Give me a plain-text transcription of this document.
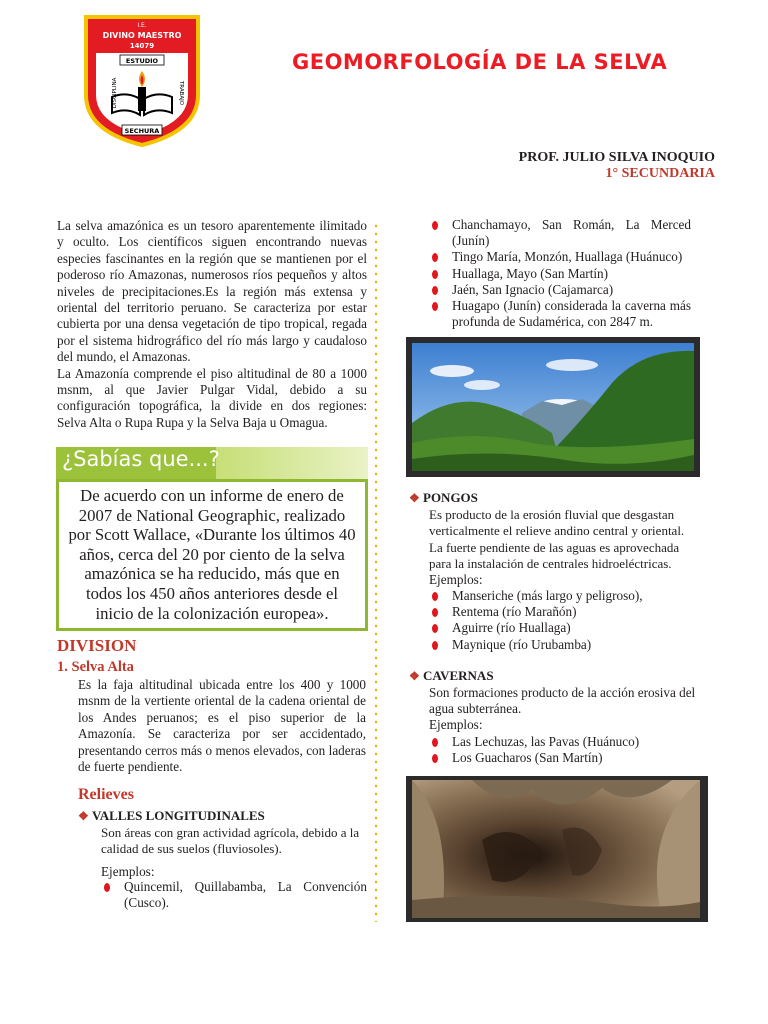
I.E.
DIVINO MAESTRO
14079
ESTUDIO
DISCIPLINA	TRABAJO
SECHURA
GEOMORFOLOGÍA DE LA SELVA
PROF. JULIO SILVA INOQUIO
1° SECUNDARIA

La selva amazónica es un tesoro aparentemente ilimitado y oculto. Los científicos siguen encontrando nuevas especies fascinantes en la región que se mantienen por el poderoso río Amazonas, numerosos ríos pequeños y altos niveles de precipitaciones.Es la región más extensa y oriental del territorio peruano. Se caracteriza por estar cubierta por una densa vegetación de tipo tropical, regada por el sistema hidrográfico del río más largo y caudaloso del mundo, el Amazonas.

La Amazonía comprende el piso altitudinal de 80 a 1000 msnm, al que Javier Pulgar Vidal, debido a su configuración topográfica, la divide en dos regiones: Selva Alta o Rupa Rupa y la Selva Baja u Omagua.

¿Sabías que...?
De acuerdo con un informe de enero de 2007 de National Geographic, realizado por Scott Wallace, «Durante los últimos 40 años, cerca del 20 por ciento de la selva amazónica se ha reducido, más que en todos los 450 años anteriores desde el inicio de la colonización europea».
DIVISION
1. Selva Alta
Es la faja altitudinal ubicada entre los 400 y 1000 msnm de la vertiente oriental de la cadena oriental de los Andes peruanos; es el piso superior de la Amazonía. Se caracteriza por ser accidentado, presentando cerros más o menos elevados, con laderas de fuerte pendiente.
Relieves
❖ VALLES LONGITUDINALES
Son áreas con gran actividad agrícola, debido a la calidad de sus suelos (fluviosoles).
Ejemplos:
Quincemil, Quillabamba, La Convención (Cusco).
Chanchamayo, San Román, La Merced (Junín)
Tingo María, Monzón, Huallaga (Huánuco)
Huallaga, Mayo (San Martín)
Jaén, San Ignacio (Cajamarca)
Huagapo (Junín) considerada la caverna más profunda de Sudamérica, con 2847 m.
❖ PONGOS
Es producto de la erosión fluvial que desgastan verticalmente el relieve andino central y oriental. La fuerte pendiente de las aguas es aprovechada para la instalación de centrales hidroeléctricas.
Ejemplos:
Manseriche (más largo y peligroso),
Rentema (río Marañón)
Aguirre (río Huallaga)
Maynique (río Urubamba)
❖ CAVERNAS
Son formaciones producto de la acción erosiva del agua subterránea.
Ejemplos:
Las Lechuzas, las Pavas (Huánuco)
Los Guacharos (San Martín)
